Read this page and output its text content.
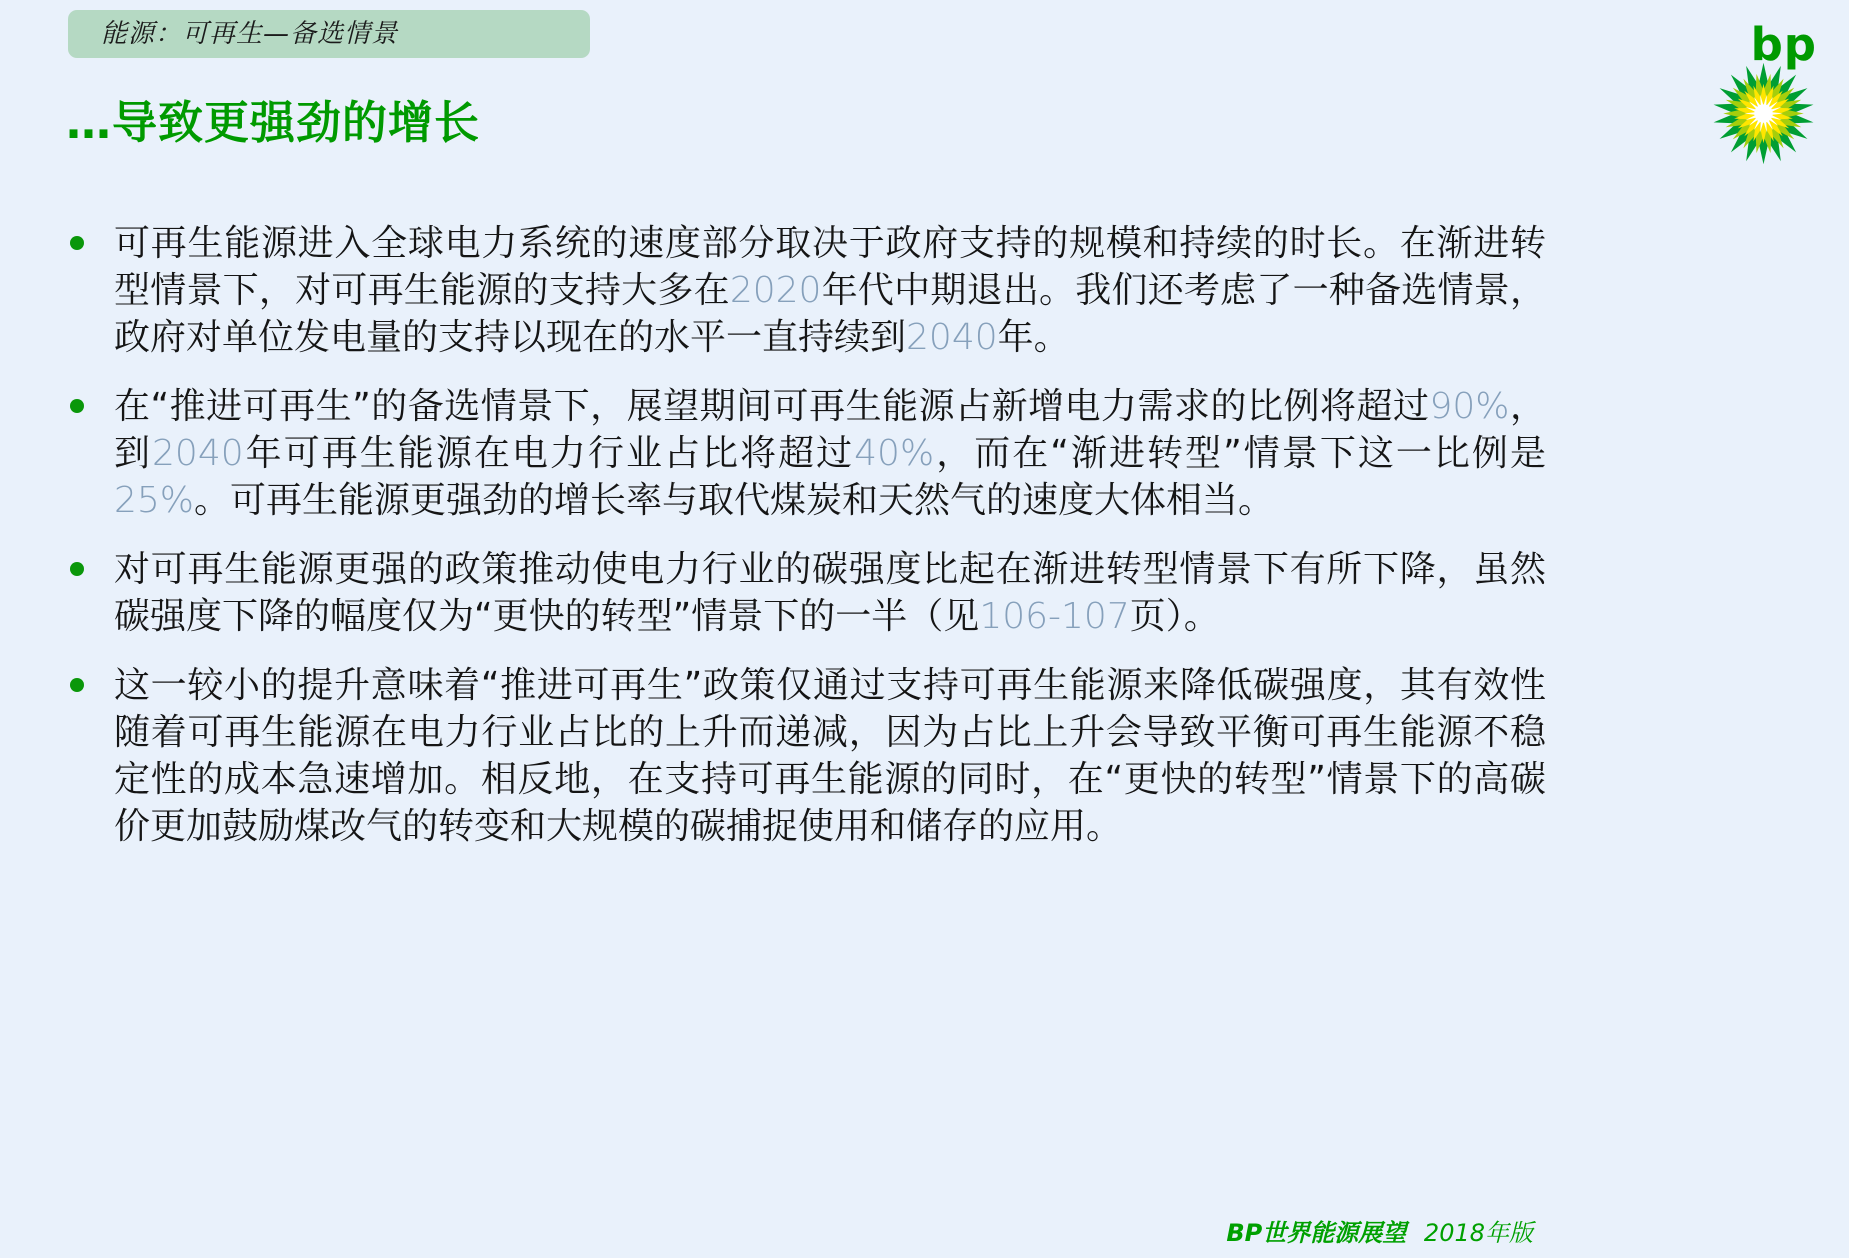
能源：可再生—备选情景	bp
…导致更强劲的增长

可再生能源进入全球电力系统的速度部分取决于政府支持的规模和持续的时长。在渐进转型情景下，对可再生能源的支持大多在2020年代中期退出。我们还考虑了一种备选情景，政府对单位发电量的支持以现在的水平一直持续到2040年。

在“推进可再生”的备选情景下，展望期间可再生能源占新增电力需求的比例将超过90%，到2040年可再生能源在电力行业占比将超过40%，而在“渐进转型”情景下这一比例是25%。可再生能源更强劲的增长率与取代煤炭和天然气的速度大体相当。

对可再生能源更强的政策推动使电力行业的碳强度比起在渐进转型情景下有所下降，虽然碳强度下降的幅度仅为“更快的转型”情景下的一半（见106-107页）。

这一较小的提升意味着“推进可再生”政策仅通过支持可再生能源来降低碳强度，其有效性随着可再生能源在电力行业占比的上升而递减，因为占比上升会导致平衡可再生能源不稳定性的成本急速增加。相反地，在支持可再生能源的同时，在“更快的转型”情景下的高碳价更加鼓励煤改气的转变和大规模的碳捕捉使用和储存的应用。

BP世界能源展望 2018年版
